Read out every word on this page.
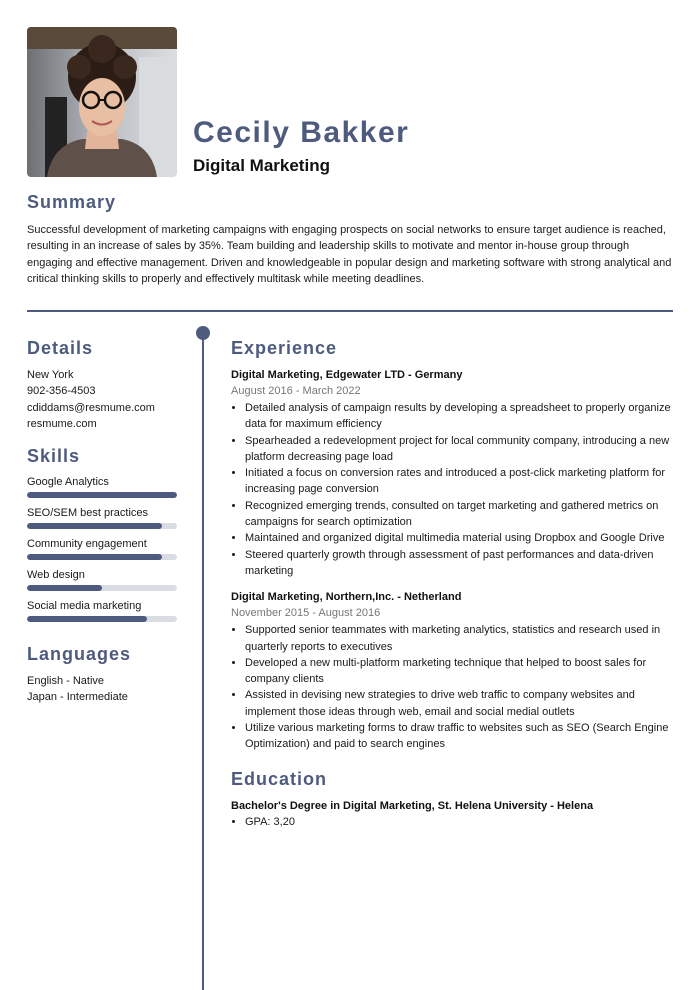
Cecily Bakker
Digital Marketing
Summary

Successful development of marketing campaigns with engaging prospects on social networks to ensure target audience is reached, resulting in an increase of sales by 35%. Team building and leadership skills to motivate and mentor in-house group through engaging and effective management. Driven and knowledgeable in popular design and marketing software with strong analytical and critical thinking skills to properly and effectively multitask while meeting deadlines.

Details
New York
902-356-4503
cdiddams@resmume.com
resmume.com
Skills
Google Analytics
SEO/SEM best practices
Community engagement
Web design
Social media marketing
Languages
English - Native
Japan - Intermediate
Experience
Digital Marketing, Edgewater LTD - Germany
August 2016 - March 2022
• Detailed analysis of campaign results by developing a spreadsheet to properly organize data for maximum efficiency
• Spearheaded a redevelopment project for local community company, introducing a new platform decreasing page load
• Initiated a focus on conversion rates and introduced a post-click marketing platform for increasing page conversion
• Recognized emerging trends, consulted on target marketing and gathered metrics on campaigns for search optimization
• Maintained and organized digital multimedia material using Dropbox and Google Drive
• Steered quarterly growth through assessment of past performances and data-driven marketing
Digital Marketing, Northern,Inc. - Netherland
November 2015 - August 2016
• Supported senior teammates with marketing analytics, statistics and research used in quarterly reports to executives
• Developed a new multi-platform marketing technique that helped to boost sales for company clients
• Assisted in devising new strategies to drive web traffic to company websites and implement those ideas through web, email and social medial outlets
• Utilize various marketing forms to draw traffic to websites such as SEO (Search Engine Optimization) and paid to search engines
Education
Bachelor's Degree in Digital Marketing, St. Helena University - Helena
• GPA: 3,20
